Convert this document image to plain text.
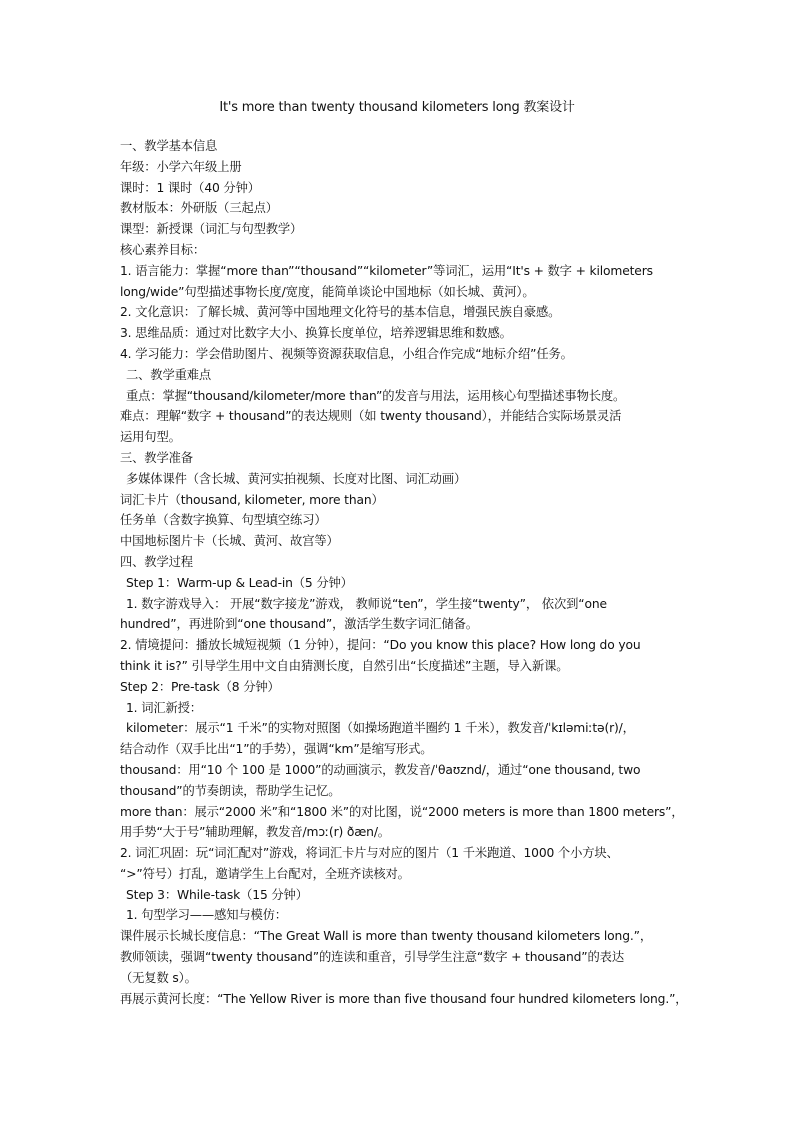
It's more than twenty thousand kilometers long 教案设计
一、教学基本信息
年级：小学六年级上册
课时：1 课时（40 分钟）
教材版本：外研版（三起点）
课型：新授课（词汇与句型教学）
核心素养目标：
1. 语言能力：掌握“more than”“thousand”“kilometer”等词汇，运用“It's + 数字 + kilometers
long/wide”句型描述事物长度/宽度，能简单谈论中国地标（如长城、黄河）。
2. 文化意识：了解长城、黄河等中国地理文化符号的基本信息，增强民族自豪感。
3. 思维品质：通过对比数字大小、换算长度单位，培养逻辑思维和数感。
4. 学习能力：学会借助图片、视频等资源获取信息，小组合作完成“地标介绍”任务。
二、教学重难点
重点：掌握“thousand/kilometer/more than”的发音与用法，运用核心句型描述事物长度。
难点：理解“数字 + thousand”的表达规则（如 twenty thousand），并能结合实际场景灵活
运用句型。
三、教学准备
多媒体课件（含长城、黄河实拍视频、长度对比图、词汇动画）
词汇卡片（thousand, kilometer, more than）
任务单（含数字换算、句型填空练习）
中国地标图片卡（长城、黄河、故宫等）
四、教学过程
Step 1：Warm-up & Lead-in（5 分钟）
1. 数字游戏导入： 开展“数字接龙”游戏， 教师说“ten”，学生接“twenty”， 依次到“one
hundred”，再进阶到“one thousand”，激活学生数字词汇储备。
2. 情境提问：播放长城短视频（1 分钟），提问：“Do you know this place? How long do you
think it is?” 引导学生用中文自由猜测长度，自然引出“长度描述”主题，导入新课。
Step 2：Pre-task（8 分钟）
1. 词汇新授：
kilometer：展示“1 千米”的实物对照图（如操场跑道半圈约 1 千米），教发音/ˈkɪləmiːtə(r)/，
结合动作（双手比出“1”的手势），强调“km”是缩写形式。
thousand：用“10 个 100 是 1000”的动画演示，教发音/ˈθaʊznd/，通过“one thousand, two
thousand”的节奏朗读，帮助学生记忆。
more than：展示“2000 米”和“1800 米”的对比图，说“2000 meters is more than 1800 meters”，
用手势“大于号”辅助理解，教发音/mɔː(r) ðæn/。
2. 词汇巩固：玩“词汇配对”游戏，将词汇卡片与对应的图片（1 千米跑道、1000 个小方块、
“>”符号）打乱，邀请学生上台配对，全班齐读核对。
Step 3：While-task（15 分钟）
1. 句型学习——感知与模仿：
课件展示长城长度信息：“The Great Wall is more than twenty thousand kilometers long.”，
教师领读，强调“twenty thousand”的连读和重音，引导学生注意“数字 + thousand”的表达
（无复数 s）。
再展示黄河长度：“The Yellow River is more than five thousand four hundred kilometers long.”，
